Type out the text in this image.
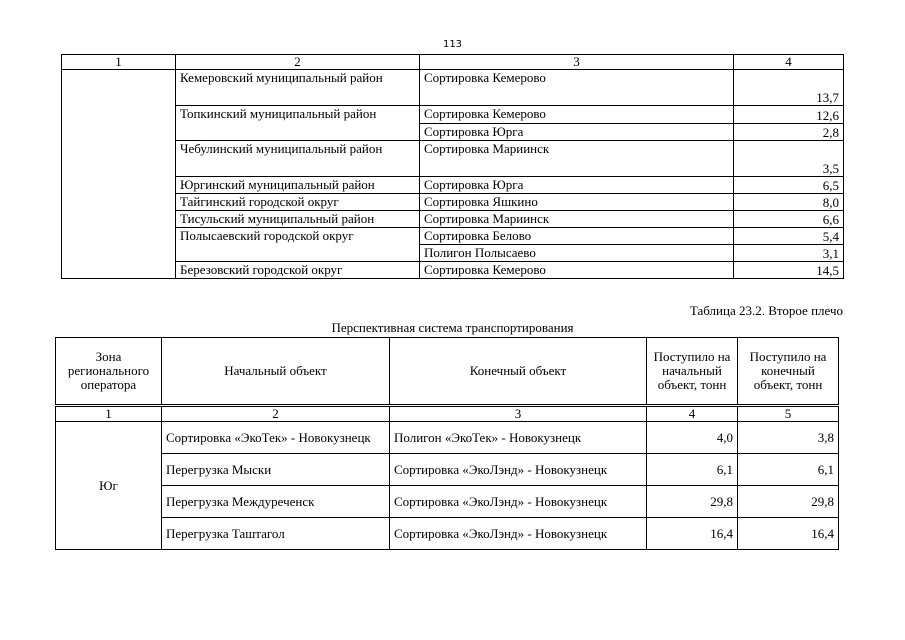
113
1	2	3	4
	Кемеровский муниципальный район	Сортировка Кемерово	13,7
	Топкинский муниципальный район	Сортировка Кемерово	12,6
		Сортировка Юрга	2,8
	Чебулинский муниципальный район	Сортировка Мариинск	3,5
	Юргинский муниципальный район	Сортировка Юрга	6,5
	Тайгинский городской округ	Сортировка Яшкино	8,0
	Тисульский муниципальный район	Сортировка Мариинск	6,6
	Полысаевский городской округ	Сортировка Белово	5,4
		Полигон Полысаево	3,1
	Березовский городской округ	Сортировка Кемерово	14,5
Таблица 23.2. Второе плечо
Перспективная система транспортирования
Зона регионального оператора	Начальный объект	Конечный объект	Поступило на начальный объект, тонн	Поступило на конечный объект, тонн
1	2	3	4	5
Юг	Сортировка «ЭкоТек» - Новокузнецк	Полигон «ЭкоТек» - Новокузнецк	4,0	3,8
	Перегрузка Мыски	Сортировка «ЭкоЛэнд» - Новокузнецк	6,1	6,1
	Перегрузка Междуреченск	Сортировка «ЭкоЛэнд» - Новокузнецк	29,8	29,8
	Перегрузка Таштагол	Сортировка «ЭкоЛэнд» - Новокузнецк	16,4	16,4
